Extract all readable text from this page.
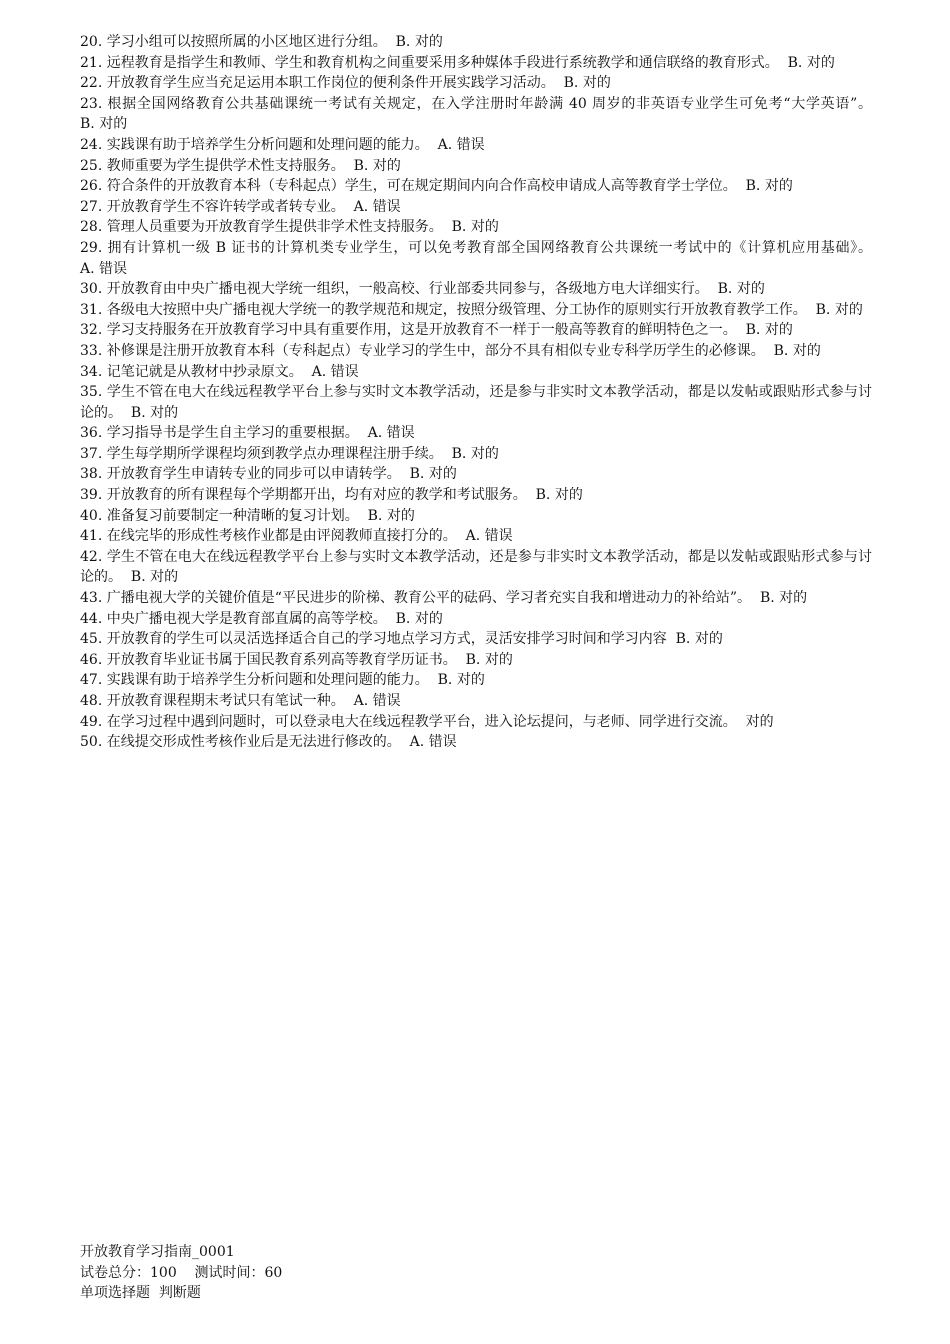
20. 学习小组可以按照所属的小区地区进行分组。 B. 对的
21. 远程教育是指学生和教师、学生和教育机构之间重要采用多种媒体手段进行系统教学和通信联络的教育形式。 B. 对的
22. 开放教育学生应当充足运用本职工作岗位的便利条件开展实践学习活动。 B. 对的
23. 根据全国网络教育公共基础课统一考试有关规定，在入学注册时年龄满 40 周岁的非英语专业学生可免考“大学英语”。  B. 对的
24. 实践课有助于培养学生分析问题和处理问题的能力。 A. 错误
25. 教师重要为学生提供学术性支持服务。 B. 对的
26. 符合条件的开放教育本科（专科起点）学生，可在规定期间内向合作高校申请成人高等教育学士学位。 B. 对的
27. 开放教育学生不容许转学或者转专业。 A. 错误
28. 管理人员重要为开放教育学生提供非学术性支持服务。 B. 对的
29. 拥有计算机一级 B 证书的计算机类专业学生，可以免考教育部全国网络教育公共课统一考试中的《计算机应用基础》。  A. 错误
30. 开放教育由中央广播电视大学统一组织，一般高校、行业部委共同参与，各级地方电大详细实行。 B. 对的
31. 各级电大按照中央广播电视大学统一的教学规范和规定，按照分级管理、分工协作的原则实行开放教育教学工作。 B. 对的
32. 学习支持服务在开放教育学习中具有重要作用，这是开放教育不一样于一般高等教育的鲜明特色之一。 B. 对的
33. 补修课是注册开放教育本科（专科起点）专业学习的学生中，部分不具有相似专业专科学历学生的必修课。 B. 对的
34. 记笔记就是从教材中抄录原文。 A. 错误
35. 学生不管在电大在线远程教学平台上参与实时文本教学活动，还是参与非实时文本教学活动，都是以发帖或跟贴形式参与讨论的。 B. 对的
36. 学习指导书是学生自主学习的重要根据。 A. 错误
37. 学生每学期所学课程均须到教学点办理课程注册手续。 B. 对的
38. 开放教育学生申请转专业的同步可以申请转学。 B. 对的
39. 开放教育的所有课程每个学期都开出，均有对应的教学和考试服务。 B. 对的
40. 准备复习前要制定一种清晰的复习计划。 B. 对的
41. 在线完毕的形成性考核作业都是由评阅教师直接打分的。 A. 错误
42. 学生不管在电大在线远程教学平台上参与实时文本教学活动，还是参与非实时文本教学活动，都是以发帖或跟贴形式参与讨论的。 B. 对的
43. 广播电视大学的关键价值是“平民进步的阶梯、教育公平的砝码、学习者充实自我和增进动力的补给站”。 B. 对的
44. 中央广播电视大学是教育部直属的高等学校。 B. 对的
45. 开放教育的学生可以灵活选择适合自己的学习地点学习方式，灵活安排学习时间和学习内容 B. 对的
46. 开放教育毕业证书属于国民教育系列高等教育学历证书。 B. 对的
47. 实践课有助于培养学生分析问题和处理问题的能力。 B. 对的
48. 开放教育课程期末考试只有笔试一种。 A. 错误
49. 在学习过程中遇到问题时，可以登录电大在线远程教学平台，进入论坛提问，与老师、同学进行交流。 对的
50. 在线提交形成性考核作业后是无法进行修改的。 A. 错误
开放教育学习指南_0001
试卷总分：100    测试时间：60
单项选择题  判断题
